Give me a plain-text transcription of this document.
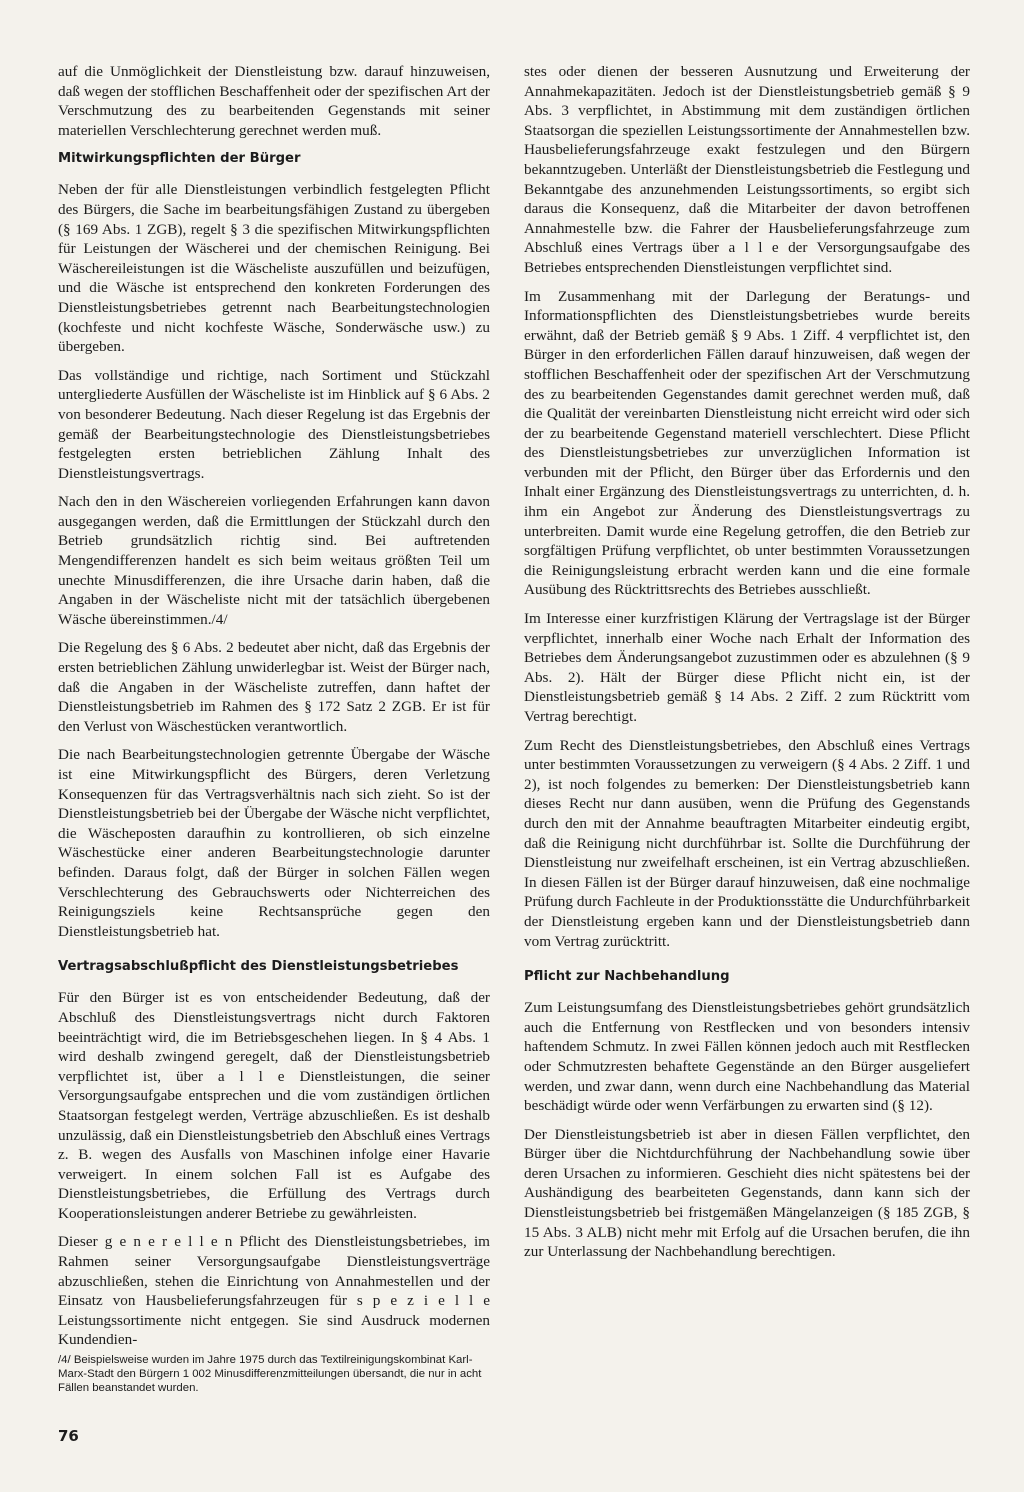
auf die Unmöglichkeit der Dienstleistung bzw. darauf hinzuweisen, daß wegen der stofflichen Beschaffenheit oder der spezifischen Art der Verschmutzung des zu bearbeitenden Gegenstands mit seiner materiellen Verschlechterung gerechnet werden muß.

Mitwirkungspflichten der Bürger

Neben der für alle Dienstleistungen verbindlich festgelegten Pflicht des Bürgers, die Sache im bearbeitungsfähigen Zustand zu übergeben (§ 169 Abs. 1 ZGB), regelt § 3 die spezifischen Mitwirkungspflichten für Leistungen der Wäscherei und der chemischen Reinigung. Bei Wäschereileistungen ist die Wäscheliste auszufüllen und beizufügen, und die Wäsche ist entsprechend den konkreten Forderungen des Dienstleistungsbetriebes getrennt nach Bearbeitungstechnologien (kochfeste und nicht kochfeste Wäsche, Sonderwäsche usw.) zu übergeben.

Das vollständige und richtige, nach Sortiment und Stückzahl untergliederte Ausfüllen der Wäscheliste ist im Hinblick auf § 6 Abs. 2 von besonderer Bedeutung. Nach dieser Regelung ist das Ergebnis der gemäß der Bearbeitungstechnologie des Dienstleistungsbetriebes festgelegten ersten betrieblichen Zählung Inhalt des Dienstleistungsvertrags.

Nach den in den Wäschereien vorliegenden Erfahrungen kann davon ausgegangen werden, daß die Ermittlungen der Stückzahl durch den Betrieb grundsätzlich richtig sind. Bei auftretenden Mengendifferenzen handelt es sich beim weitaus größten Teil um unechte Minusdifferenzen, die ihre Ursache darin haben, daß die Angaben in der Wäscheliste nicht mit der tatsächlich übergebenen Wäsche übereinstimmen./4/

Die Regelung des § 6 Abs. 2 bedeutet aber nicht, daß das Ergebnis der ersten betrieblichen Zählung unwiderlegbar ist. Weist der Bürger nach, daß die Angaben in der Wäscheliste zutreffen, dann haftet der Dienstleistungsbetrieb im Rahmen des § 172 Satz 2 ZGB. Er ist für den Verlust von Wäschestücken verantwortlich.

Die nach Bearbeitungstechnologien getrennte Übergabe der Wäsche ist eine Mitwirkungspflicht des Bürgers, deren Verletzung Konsequenzen für das Vertragsverhältnis nach sich zieht. So ist der Dienstleistungsbetrieb bei der Übergabe der Wäsche nicht verpflichtet, die Wäscheposten daraufhin zu kontrollieren, ob sich einzelne Wäschestücke einer anderen Bearbeitungstechnologie darunter befinden. Daraus folgt, daß der Bürger in solchen Fällen wegen Verschlechterung des Gebrauchswerts oder Nichterreichen des Reinigungsziels keine Rechtsansprüche gegen den Dienstleistungsbetrieb hat.

Vertragsabschlußpflicht des Dienstleistungsbetriebes

Für den Bürger ist es von entscheidender Bedeutung, daß der Abschluß des Dienstleistungsvertrags nicht durch Faktoren beeinträchtigt wird, die im Betriebsgeschehen liegen. In § 4 Abs. 1 wird deshalb zwingend geregelt, daß der Dienstleistungsbetrieb verpflichtet ist, über a l l e Dienstleistungen, die seiner Versorgungsaufgabe entsprechen und die vom zuständigen örtlichen Staatsorgan festgelegt werden, Verträge abzuschließen. Es ist deshalb unzulässig, daß ein Dienstleistungsbetrieb den Abschluß eines Vertrags z. B. wegen des Ausfalls von Maschinen infolge einer Havarie verweigert. In einem solchen Fall ist es Aufgabe des Dienstleistungsbetriebes, die Erfüllung des Vertrags durch Kooperationsleistungen anderer Betriebe zu gewährleisten.

Dieser g e n e r e l l e n Pflicht des Dienstleistungsbetriebes, im Rahmen seiner Versorgungsaufgabe Dienstleistungsverträge abzuschließen, stehen die Einrichtung von Annahmestellen und der Einsatz von Hausbelieferungsfahrzeugen für s p e z i e l l e Leistungssortimente nicht entgegen. Sie sind Ausdruck modernen Kundendien-

stes oder dienen der besseren Ausnutzung und Erweiterung der Annahmekapazitäten. Jedoch ist der Dienstleistungsbetrieb gemäß § 9 Abs. 3 verpflichtet, in Abstimmung mit dem zuständigen örtlichen Staatsorgan die speziellen Leistungssortimente der Annahmestellen bzw. Hausbelieferungsfahrzeuge exakt festzulegen und den Bürgern bekanntzugeben. Unterläßt der Dienstleistungsbetrieb die Festlegung und Bekanntgabe des anzunehmenden Leistungssortiments, so ergibt sich daraus die Konsequenz, daß die Mitarbeiter der davon betroffenen Annahmestelle bzw. die Fahrer der Hausbelieferungsfahrzeuge zum Abschluß eines Vertrags über a l l e der Versorgungsaufgabe des Betriebes entsprechenden Dienstleistungen verpflichtet sind.

Im Zusammenhang mit der Darlegung der Beratungs- und Informationspflichten des Dienstleistungsbetriebes wurde bereits erwähnt, daß der Betrieb gemäß § 9 Abs. 1 Ziff. 4 verpflichtet ist, den Bürger in den erforderlichen Fällen darauf hinzuweisen, daß wegen der stofflichen Beschaffenheit oder der spezifischen Art der Verschmutzung des zu bearbeitenden Gegenstandes damit gerechnet werden muß, daß die Qualität der vereinbarten Dienstleistung nicht erreicht wird oder sich der zu bearbeitende Gegenstand materiell verschlechtert. Diese Pflicht des Dienstleistungsbetriebes zur unverzüglichen Information ist verbunden mit der Pflicht, den Bürger über das Erfordernis und den Inhalt einer Ergänzung des Dienstleistungsvertrags zu unterrichten, d. h. ihm ein Angebot zur Änderung des Dienstleistungsvertrags zu unterbreiten. Damit wurde eine Regelung getroffen, die den Betrieb zur sorgfältigen Prüfung verpflichtet, ob unter bestimmten Voraussetzungen die Reinigungsleistung erbracht werden kann und die eine formale Ausübung des Rücktrittsrechts des Betriebes ausschließt.

Im Interesse einer kurzfristigen Klärung der Vertragslage ist der Bürger verpflichtet, innerhalb einer Woche nach Erhalt der Information des Betriebes dem Änderungsangebot zuzustimmen oder es abzulehnen (§ 9 Abs. 2). Hält der Bürger diese Pflicht nicht ein, ist der Dienstleistungsbetrieb gemäß § 14 Abs. 2 Ziff. 2 zum Rücktritt vom Vertrag berechtigt.

Zum Recht des Dienstleistungsbetriebes, den Abschluß eines Vertrags unter bestimmten Voraussetzungen zu verweigern (§ 4 Abs. 2 Ziff. 1 und 2), ist noch folgendes zu bemerken: Der Dienstleistungsbetrieb kann dieses Recht nur dann ausüben, wenn die Prüfung des Gegenstands durch den mit der Annahme beauftragten Mitarbeiter eindeutig ergibt, daß die Reinigung nicht durchführbar ist. Sollte die Durchführung der Dienstleistung nur zweifelhaft erscheinen, ist ein Vertrag abzuschließen. In diesen Fällen ist der Bürger darauf hinzuweisen, daß eine nochmalige Prüfung durch Fachleute in der Produktionsstätte die Undurchführbarkeit der Dienstleistung ergeben kann und der Dienstleistungsbetrieb dann vom Vertrag zurücktritt.

Pflicht zur Nachbehandlung

Zum Leistungsumfang des Dienstleistungsbetriebes gehört grundsätzlich auch die Entfernung von Restflecken und von besonders intensiv haftendem Schmutz. In zwei Fällen können jedoch auch mit Restflecken oder Schmutzresten behaftete Gegenstände an den Bürger ausgeliefert werden, und zwar dann, wenn durch eine Nachbehandlung das Material beschädigt würde oder wenn Verfärbungen zu erwarten sind (§ 12).

Der Dienstleistungsbetrieb ist aber in diesen Fällen verpflichtet, den Bürger über die Nichtdurchführung der Nachbehandlung sowie über deren Ursachen zu informieren. Geschieht dies nicht spätestens bei der Aushändigung des bearbeiteten Gegenstands, dann kann sich der Dienstleistungsbetrieb bei fristgemäßen Mängelanzeigen (§ 185 ZGB, § 15 Abs. 3 ALB) nicht mehr mit Erfolg auf die Ursachen berufen, die ihn zur Unterlassung der Nachbehandlung berechtigen.

/4/ Beispielsweise wurden im Jahre 1975 durch das Textilreinigungskombinat Karl-Marx-Stadt den Bürgern 1 002 Minusdifferenzmitteilungen übersandt, die nur in acht Fällen beanstandet wurden.

76
